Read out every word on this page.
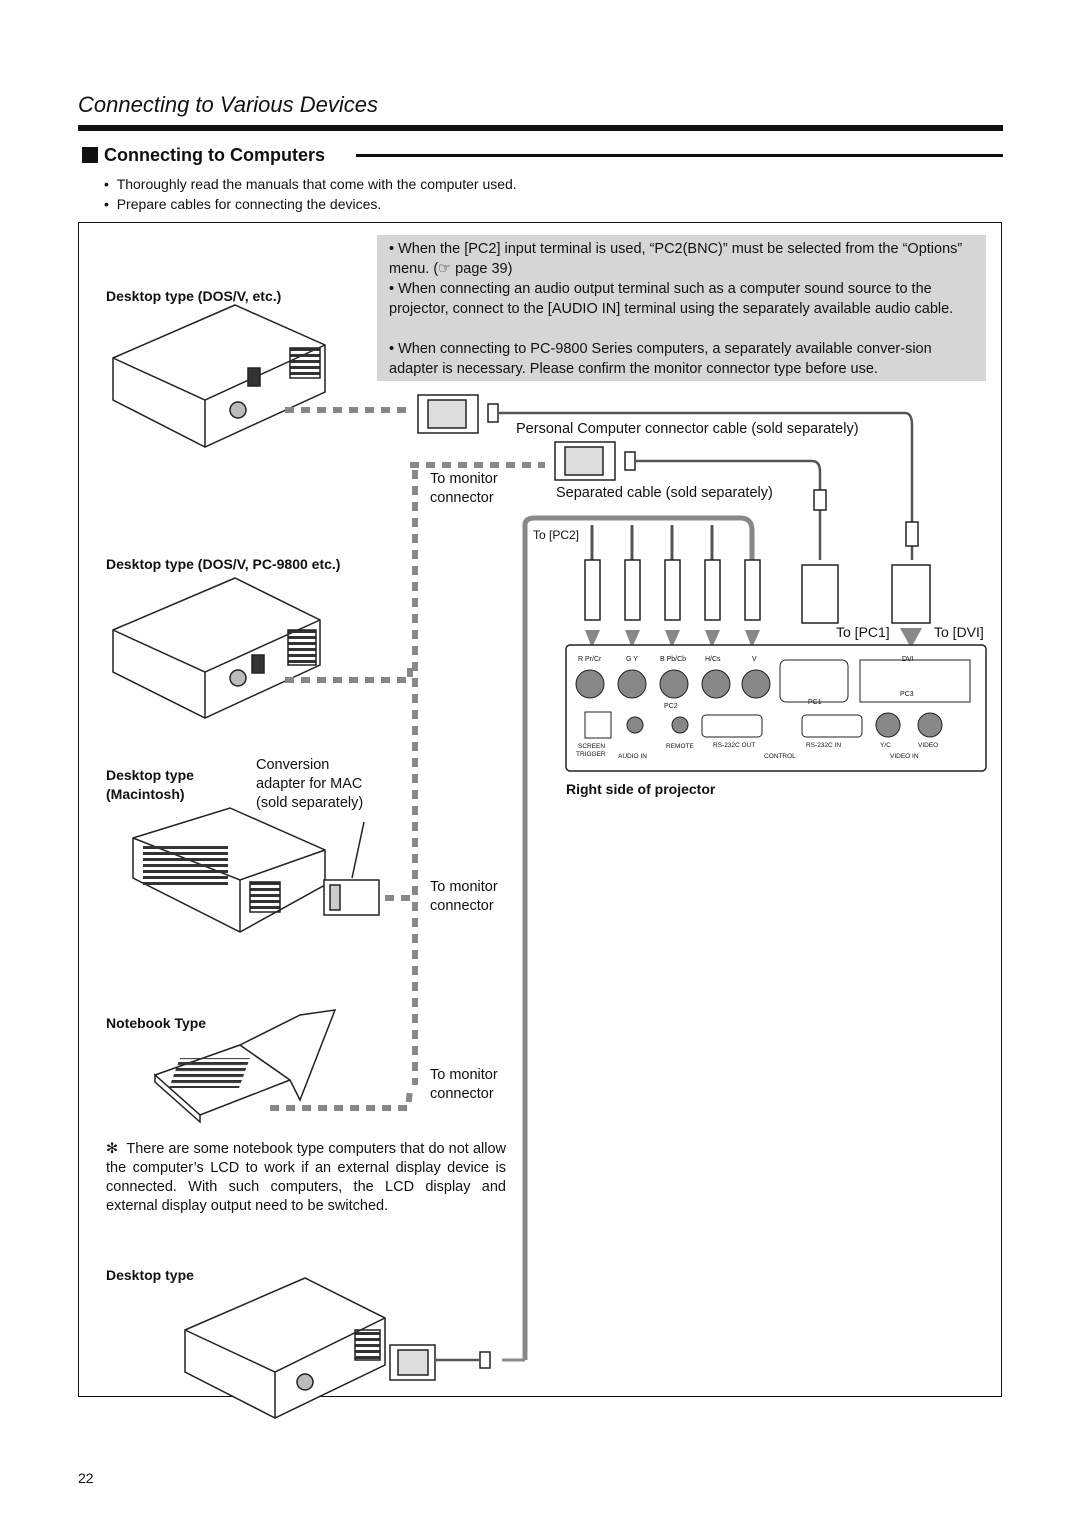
Connecting to Various Devices
Connecting to Computers
•  Thoroughly read the manuals that come with the computer used.
•  Prepare cables for connecting the devices.
• When the [PC2] input terminal is used, “PC2(BNC)” must be selected from the “Options” menu. (☞ page 39)
• When connecting an audio output terminal such as a computer sound source to the projector, connect to the [AUDIO IN] terminal using the separately available audio cable.
• When connecting to PC-9800 Series computers, a separately available conver-sion adapter is necessary. Please confirm the monitor connector type before use.
Desktop type (DOS/V, etc.)
Desktop type (DOS/V, PC-9800 etc.)
Desktop type
(Macintosh)
Notebook Type
Desktop type
Conversion
adapter for MAC
(sold separately)
Personal Computer connector cable (sold separately)
Separated cable (sold separately)
To monitor
connector
To monitor
connector
To monitor
connector
To [PC2]
To [PC1]	To [DVI]
Right side of projector
✻ There are some notebook type computers that do not allow the computer’s LCD to work if an external display device is connected. With such computers, the LCD display and external display output need to be switched.
22
R Pr/Cr	G Y	B Pb/Cb	H/Cs	V
PC2
PC1
DVI
PC3
SCREEN
TRIGGER AUDIO IN
REMOTE	RS-232C OUT	RS-232C IN
CONTROL
Y/C	VIDEO
VIDEO IN
